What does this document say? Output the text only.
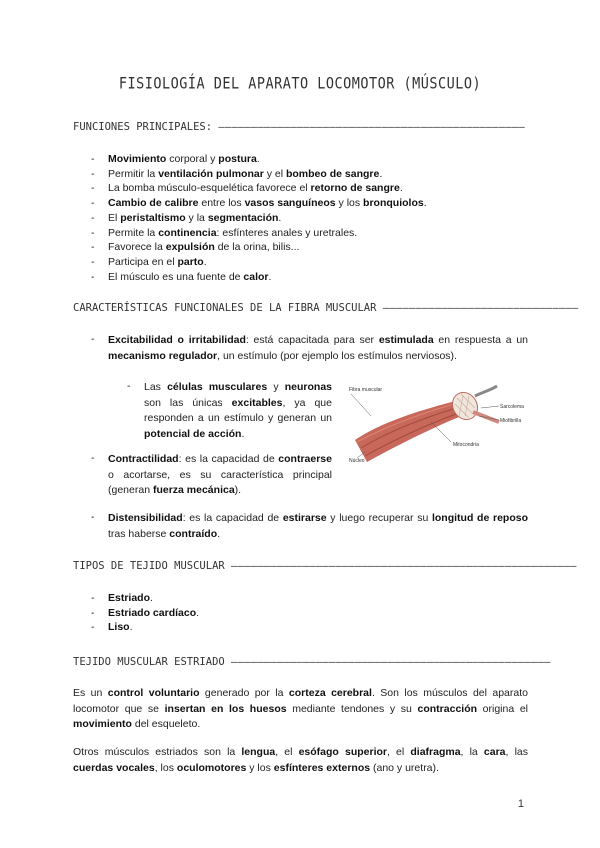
FISIOLOGÍA DEL APARATO LOCOMOTOR (MÚSCULO)
FUNCIONES PRINCIPALES: –––––––––––––––––––––––––––––––––––––––––––––––
- Movimiento corporal y postura.
- Permitir la ventilación pulmonar y el bombeo de sangre.
- La bomba músculo-esquelética favorece el retorno de sangre.
- Cambio de calibre entre los vasos sanguíneos y los bronquiolos.
- El peristaltismo y la segmentación.
- Permite la continencia: esfínteres anales y uretrales.
- Favorece la expulsión de la orina, bilis...
- Participa en el parto.
- El músculo es una fuente de calor.
CARACTERÍSTICAS FUNCIONALES DE LA FIBRA MUSCULAR ––––––––––––––––––––––––––––––
- Excitabilidad o irritabilidad: está capacitada para ser estimulada en respuesta a un mecanismo regulador, un estímulo (por ejemplo los estímulos nerviosos).
- Las células musculares y neuronas son las únicas excitables, ya que responden a un estímulo y generan un potencial de acción.
- Contractilidad: es la capacidad de contraerse o acortarse, es su característica principal (generan fuerza mecánica).
- Distensibilidad: es la capacidad de estirarse y luego recuperar su longitud de reposo tras haberse contraído.
Fibra muscular
Sarcolema
Miofibrilla
Núcleo
Mitocondria
TIPOS DE TEJIDO MUSCULAR –––––––––––––––––––––––––––––––––––––––––––––––––––––
- Estriado.
- Estriado cardíaco.
- Liso.
TEJIDO MUSCULAR ESTRIADO –––––––––––––––––––––––––––––––––––––––––––––––––
Es un control voluntario generado por la corteza cerebral. Son los músculos del aparato locomotor que se insertan en los huesos mediante tendones y su contracción origina el movimiento del esqueleto.
Otros músculos estriados son la lengua, el esófago superior, el diafragma, la cara, las cuerdas vocales, los oculomotores y los esfínteres externos (ano y uretra).
1
